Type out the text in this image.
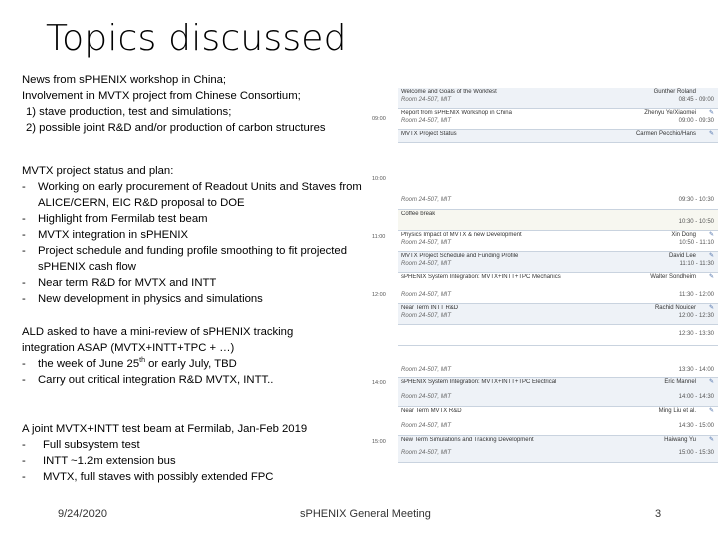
Topics discussed
News from sPHENIX workshop in China;
Involvement in MVTX project from Chinese Consortium;
1) stave production, test and simulations;
2) possible joint R&D and/or production of carbon structures
MVTX project status and plan:
- Working on early procurement of Readout Units and Staves from ALICE/CERN, EIC R&D proposal to DOE
- Highlight from Fermilab test beam
- MVTX integration in sPHENIX
- Project schedule and funding profile smoothing to fit projected sPHENIX cash flow
- Near term R&D for MVTX and INTT
- New development in physics and simulations
ALD asked to have a mini-review of sPHENIX tracking
integration ASAP (MVTX+INTT+TPC + …)
- the week of June 25th or early July, TBD
- Carry out critical integration R&D MVTX, INTT..
A joint MVTX+INTT test beam at Fermilab, Jan-Feb 2019
- Full subsystem test
- INTT ~1.2m extension bus
- MVTX, full staves with possibly extended FPC
09:00
10:00
11:00
12:00
Welcome and Goals of the Workfest	Gunther Roland
Room 24-507, MIT	08:45 - 09:00
Report from sPHENIX Workshop in China	Zhenyu Ye/Xiaomei ✎
Room 24-507, MIT	09:00 - 09:30
MVTX Project Status	Carmen Pecchio/Hans ✎
Room 24-507, MIT	09:30 - 10:30
Coffee break
10:30 - 10:50
Physics Impact of MVTX & new Development	Xin Dong ✎
Room 24-507, MIT	10:50 - 11:10
MVTX Project Schedule and Funding Profile	David Lee ✎
Room 24-507, MIT	11:10 - 11:30
sPHENIX System Integration: MVTX+INTT+TPC Mechanics	Walter Sondheim ✎
Room 24-507, MIT	11:30 - 12:00
Near Term INTT R&D	Rachid Nouicer ✎
Room 24-507, MIT	12:00 - 12:30
12:30 - 13:30
14:00
15:00
Room 24-507, MIT	13:30 - 14:00
sPHENIX System Integration: MVTX+INTT+TPC Electrical	Eric Mannel ✎
Room 24-507, MIT	14:00 - 14:30
Near Term MVTX R&D	Ming Liu et al. ✎
Room 24-507, MIT	14:30 - 15:00
New Term Simulations and Tracking Development	Haiwang Yu ✎
Room 24-507, MIT	15:00 - 15:30
9/24/2020	sPHENIX General Meeting	3
